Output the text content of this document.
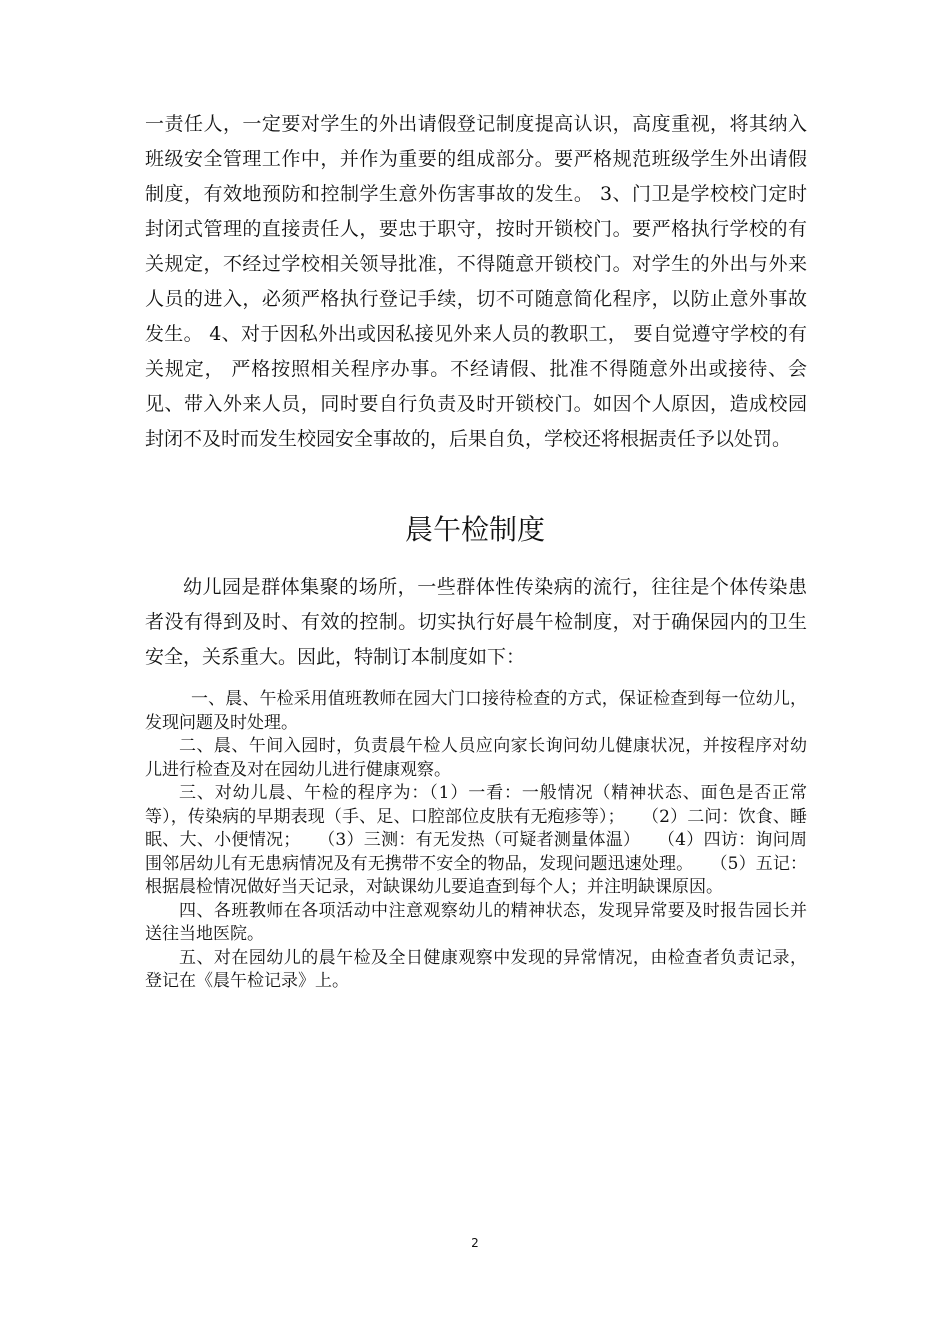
一责任人，一定要对学生的外出请假登记制度提高认识，高度重视，将其纳入班级安全管理工作中，并作为重要的组成部分。要严格规范班级学生外出请假制度，有效地预防和控制学生意外伤害事故的发生。 3、门卫是学校校门定时封闭式管理的直接责任人，要忠于职守，按时开锁校门。要严格执行学校的有关规定，不经过学校相关领导批准，不得随意开锁校门。对学生的外出与外来人员的进入，必须严格执行登记手续，切不可随意简化程序，以防止意外事故发生。 4、对于因私外出或因私接见外来人员的教职工， 要自觉遵守学校的有关规定， 严格按照相关程序办事。不经请假、批准不得随意外出或接待、会见、带入外来人员，同时要自行负责及时开锁校门。如因个人原因，造成校园封闭不及时而发生校园安全事故的，后果自负，学校还将根据责任予以处罚。

晨午检制度

幼儿园是群体集聚的场所，一些群体性传染病的流行，往往是个体传染患者没有得到及时、有效的控制。切实执行好晨午检制度，对于确保园内的卫生安全，关系重大。因此，特制订本制度如下：

一、晨、午检采用值班教师在园大门口接待检查的方式，保证检查到每一位幼儿，发现问题及时处理。
二、晨、午间入园时，负责晨午检人员应向家长询问幼儿健康状况，并按程序对幼儿进行检查及对在园幼儿进行健康观察。
三、对幼儿晨、午检的程序为：（1）一看：一般情况（精神状态、面色是否正常等），传染病的早期表现（手、足、口腔部位皮肤有无疱疹等）；　　（2）二问：饮食、睡眠、大、小便情况；　　（3）三测：有无发热（可疑者测量体温）　　（4）四访：询问周围邻居幼儿有无患病情况及有无携带不安全的物品，发现问题迅速处理。　　（5）五记：根据晨检情况做好当天记录，对缺课幼儿要追查到每个人；并注明缺课原因。
四、各班教师在各项活动中注意观察幼儿的精神状态，发现异常要及时报告园长并送往当地医院。
五、对在园幼儿的晨午检及全日健康观察中发现的异常情况，由检查者负责记录，登记在《晨午检记录》上。
2
